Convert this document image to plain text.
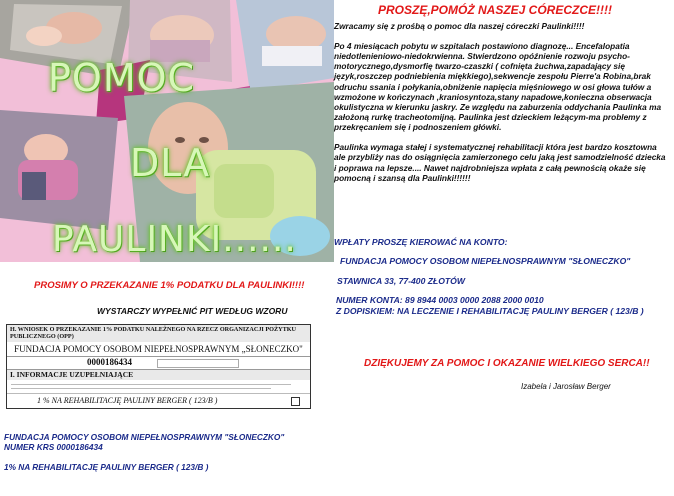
POMOC
DLA
PAULINKI......
PROSZĘ,POMÓŻ NASZEJ CÓRECZCE!!!!

Zwracamy się z prośbą o pomoc dla naszej córeczki Paulinki!!!!

Po 4 miesiącach pobytu w szpitalach postawiono diagnozę... Encefalopatia niedotlenieniowo-niedokrwienna. Stwierdzono opóźnienie rozwoju psycho-motorycznego,dysmorfię twarzo-czaszki ( cofnięta żuchwa,zapadający się język,roszczep podniebienia miękkiego),sekwencje zespołu Pierre'a Robina,brak odruchu ssania i połykania,obniżenie napięcia mięśniowego w osi głowa tułów a wzmożone w kończynach ,kraniosyntoza,stany napadowe,konieczna obserwacja okulistyczna w kierunku jaskry. Ze względu na zaburzenia oddychania Paulinka ma założoną rurkę tracheotomijną. Paulinka jest dzieckiem leżącym-ma problemy z przekręcaniem się i podnoszeniem główki.

Paulinka wymaga stałej i systematycznej rehabilitacji która jest bardzo kosztowna ale przybliży nas do osiągnięcia zamierzonego celu jaką jest samodzielność dziecka i poprawa na lepsze.... Nawet najdrobniejsza wpłata z całą pewnością okaże się pomocną i szansą dla Paulinki!!!!!!

WPŁATY PROSZĘ KIEROWAĆ NA KONTO:
FUNDACJA POMOCY OSOBOM NIEPEŁNOSPRAWNYM "SŁONECZKO"
STAWNICA 33, 77-400 ZŁOTÓW
NUMER KONTA: 89 8944 0003 0000 2088 2000 0010
Z DOPISKIEM: NA LECZENIE I REHABILITACJĘ PAULINY BERGER ( 123/B )
DZIĘKUJEMY ZA POMOC I OKAZANIE WIELKIEGO SERCA!!
Izabela i Jarosław Berger
PROSIMY O PRZEKAZANIE 1% PODATKU DLA PAULINKI!!!!
WYSTARCZY WYPEŁNIĆ PIT WEDŁUG WZORU
H. WNIOSEK O PRZEKAZANIE 1% PODATKU NALEŻNEGO NA RZECZ ORGANIZACJI POŻYTKU PUBLICZNEGO (OPP)
FUNDACJA POMOCY OSOBOM NIEPEŁNOSPRAWNYM „SŁONECZKO"
0000186434
I. INFORMACJE UZUPEŁNIAJĄCE
1 % NA REHABILITACJĘ PAULINY BERGER ( 123/B )
FUNDACJA POMOCY OSOBOM NIEPEŁNOSPRAWNYM "SŁONECZKO"
NUMER KRS 0000186434
1% NA REHABILITACJĘ PAULINY BERGER ( 123/B )
